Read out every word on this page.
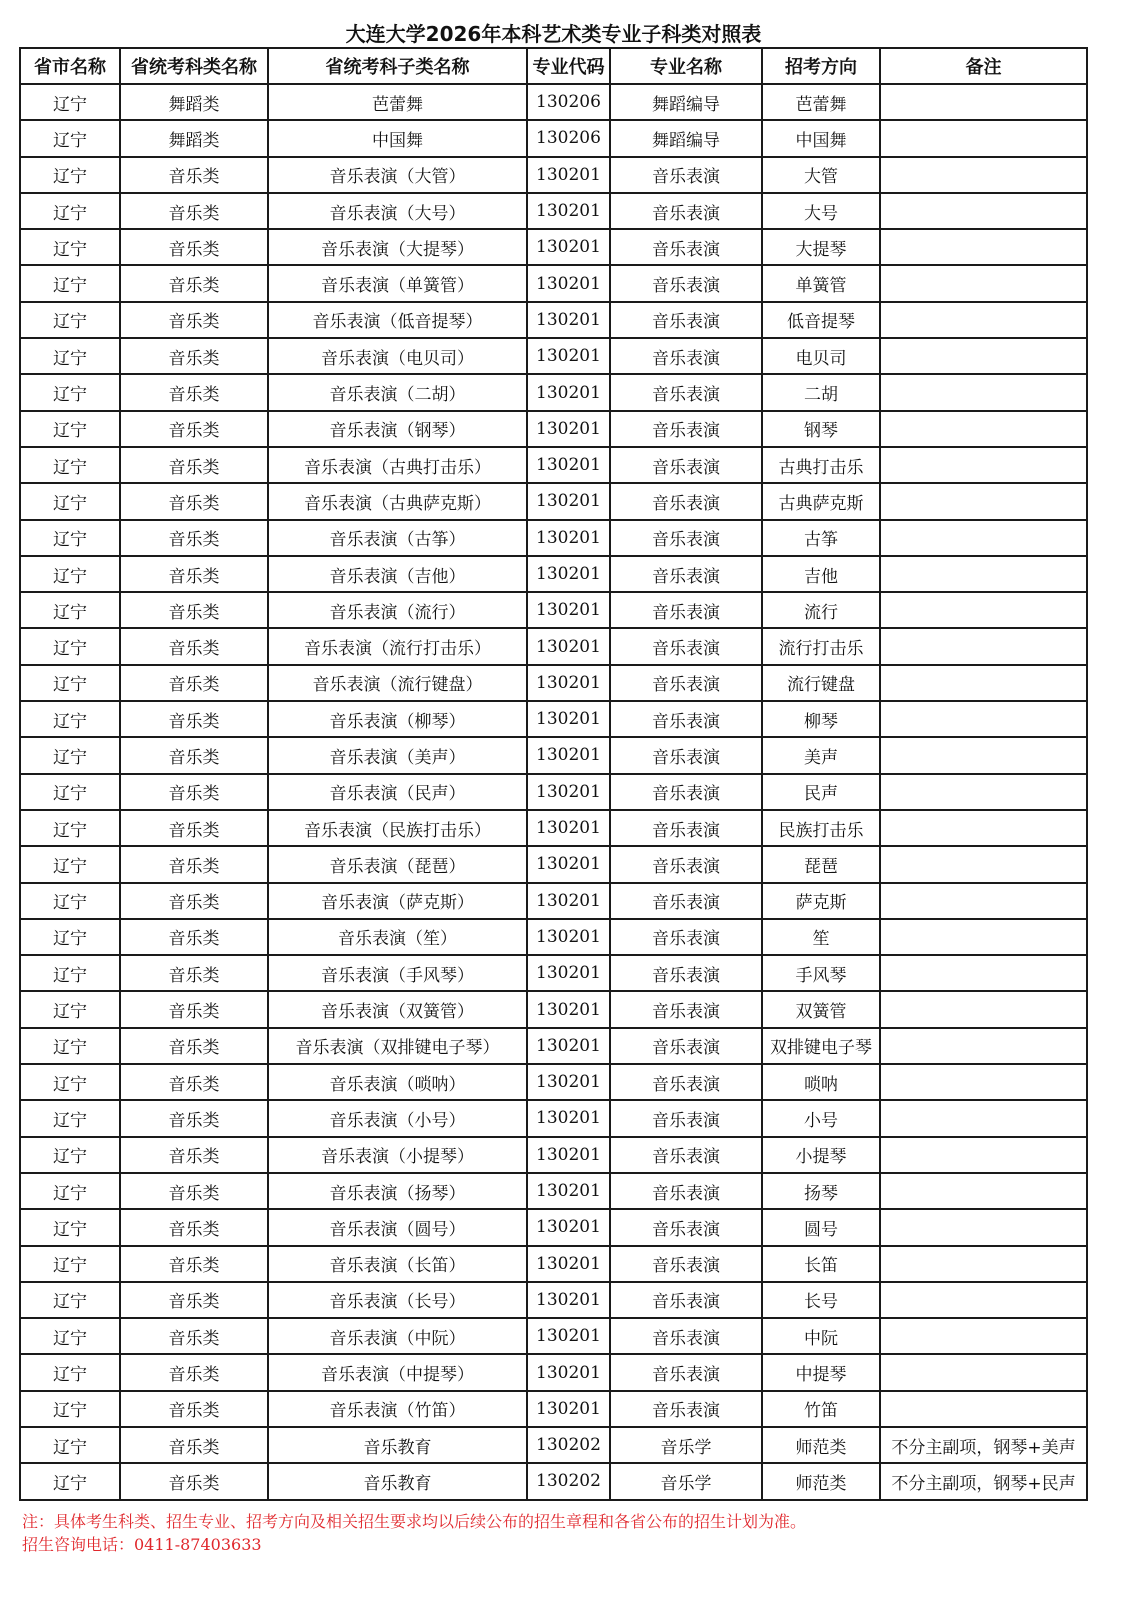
大连大学2026年本科艺术类专业子科类对照表
省市名称	省统考科类名称	省统考科子类名称	专业代码	专业名称	招考方向	备注
辽宁	舞蹈类	芭蕾舞	130206	舞蹈编导	芭蕾舞	
辽宁	舞蹈类	中国舞	130206	舞蹈编导	中国舞	
辽宁	音乐类	音乐表演（大管）	130201	音乐表演	大管	
辽宁	音乐类	音乐表演（大号）	130201	音乐表演	大号	
辽宁	音乐类	音乐表演（大提琴）	130201	音乐表演	大提琴	
辽宁	音乐类	音乐表演（单簧管）	130201	音乐表演	单簧管	
辽宁	音乐类	音乐表演（低音提琴）	130201	音乐表演	低音提琴	
辽宁	音乐类	音乐表演（电贝司）	130201	音乐表演	电贝司	
辽宁	音乐类	音乐表演（二胡）	130201	音乐表演	二胡	
辽宁	音乐类	音乐表演（钢琴）	130201	音乐表演	钢琴	
辽宁	音乐类	音乐表演（古典打击乐）	130201	音乐表演	古典打击乐	
辽宁	音乐类	音乐表演（古典萨克斯）	130201	音乐表演	古典萨克斯	
辽宁	音乐类	音乐表演（古筝）	130201	音乐表演	古筝	
辽宁	音乐类	音乐表演（吉他）	130201	音乐表演	吉他	
辽宁	音乐类	音乐表演（流行）	130201	音乐表演	流行	
辽宁	音乐类	音乐表演（流行打击乐）	130201	音乐表演	流行打击乐	
辽宁	音乐类	音乐表演（流行键盘）	130201	音乐表演	流行键盘	
辽宁	音乐类	音乐表演（柳琴）	130201	音乐表演	柳琴	
辽宁	音乐类	音乐表演（美声）	130201	音乐表演	美声	
辽宁	音乐类	音乐表演（民声）	130201	音乐表演	民声	
辽宁	音乐类	音乐表演（民族打击乐）	130201	音乐表演	民族打击乐	
辽宁	音乐类	音乐表演（琵琶）	130201	音乐表演	琵琶	
辽宁	音乐类	音乐表演（萨克斯）	130201	音乐表演	萨克斯	
辽宁	音乐类	音乐表演（笙）	130201	音乐表演	笙	
辽宁	音乐类	音乐表演（手风琴）	130201	音乐表演	手风琴	
辽宁	音乐类	音乐表演（双簧管）	130201	音乐表演	双簧管	
辽宁	音乐类	音乐表演（双排键电子琴）	130201	音乐表演	双排键电子琴	
辽宁	音乐类	音乐表演（唢呐）	130201	音乐表演	唢呐	
辽宁	音乐类	音乐表演（小号）	130201	音乐表演	小号	
辽宁	音乐类	音乐表演（小提琴）	130201	音乐表演	小提琴	
辽宁	音乐类	音乐表演（扬琴）	130201	音乐表演	扬琴	
辽宁	音乐类	音乐表演（圆号）	130201	音乐表演	圆号	
辽宁	音乐类	音乐表演（长笛）	130201	音乐表演	长笛	
辽宁	音乐类	音乐表演（长号）	130201	音乐表演	长号	
辽宁	音乐类	音乐表演（中阮）	130201	音乐表演	中阮	
辽宁	音乐类	音乐表演（中提琴）	130201	音乐表演	中提琴	
辽宁	音乐类	音乐表演（竹笛）	130201	音乐表演	竹笛	
辽宁	音乐类	音乐教育	130202	音乐学	师范类	不分主副项，钢琴+美声
辽宁	音乐类	音乐教育	130202	音乐学	师范类	不分主副项，钢琴+民声
注：具体考生科类、招生专业、招考方向及相关招生要求均以后续公布的招生章程和各省公布的招生计划为准。
招生咨询电话：0411-87403633
